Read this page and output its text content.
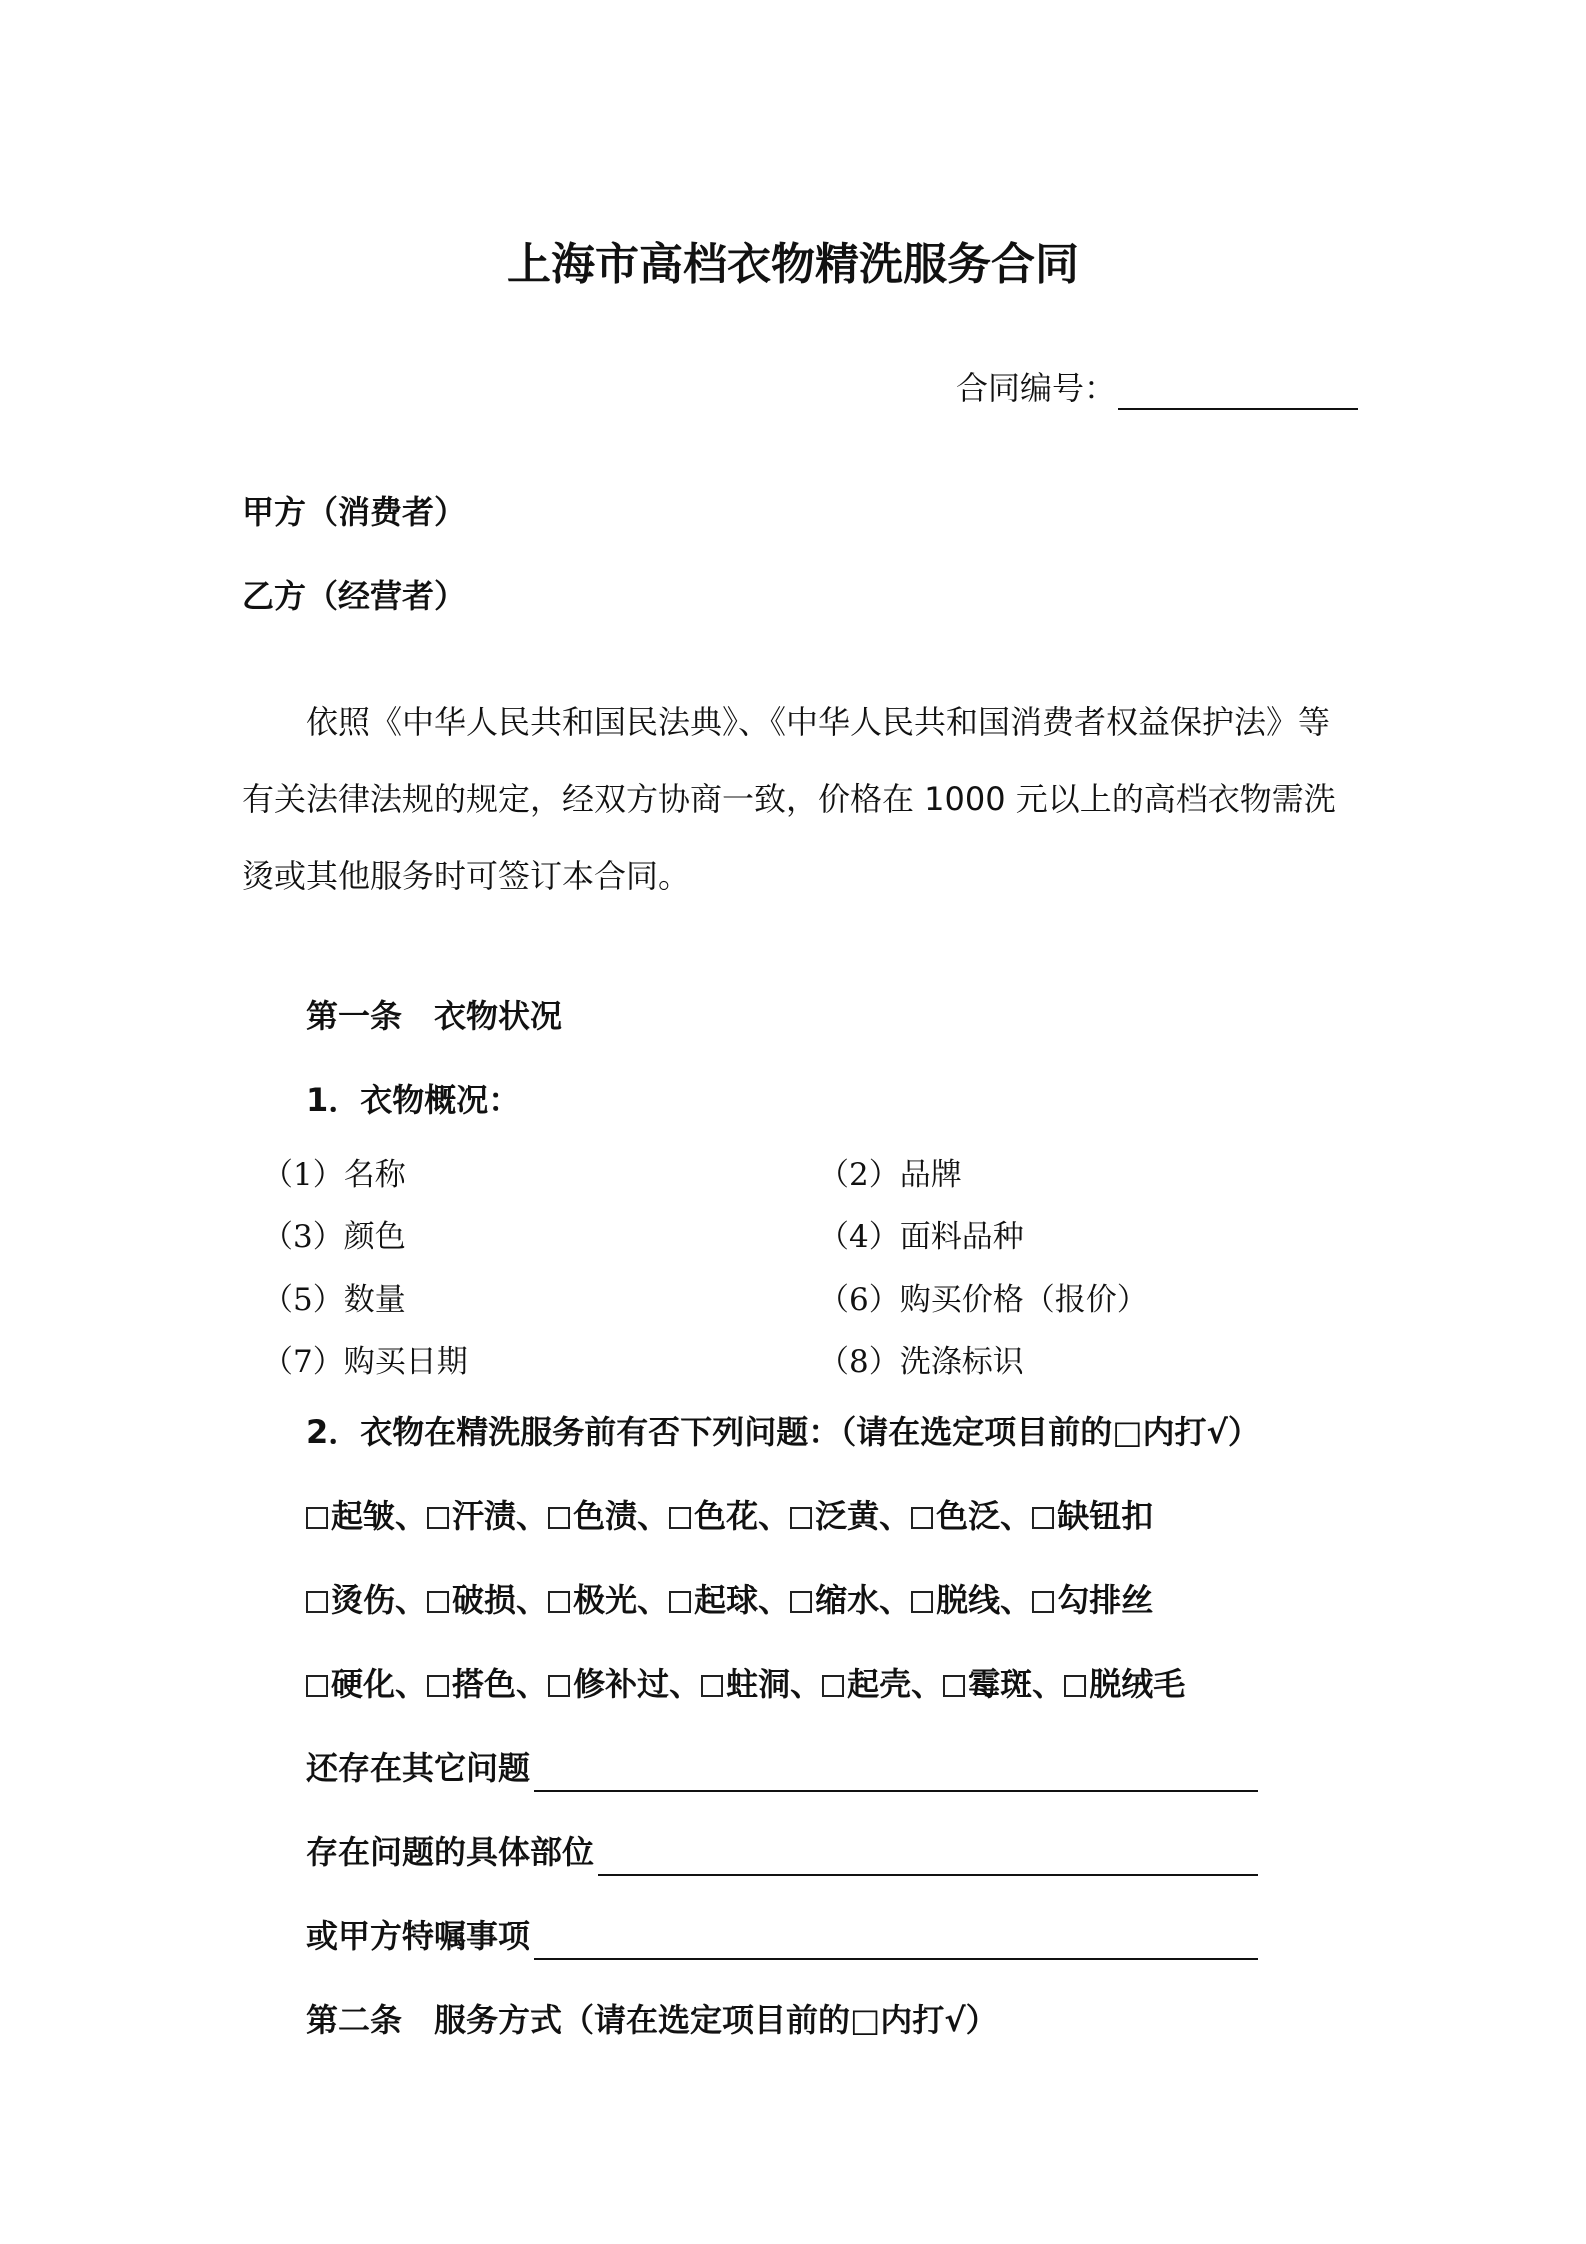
上海市高档衣物精洗服务合同
合同编号：
甲方（消费者）
乙方（经营者）
依照《中华人民共和国民法典》、《中华人民共和国消费者权益保护法》等有关法律法规的规定，经双方协商一致，价格在 1000 元以上的高档衣物需洗烫或其他服务时可签订本合同。
第一条　衣物状况
1．衣物概况：
（1）名称	（2）品牌
（3）颜色	（4）面料品种
（5）数量	（6）购买价格（报价）
（7）购买日期	（8）洗涤标识
2．衣物在精洗服务前有否下列问题：（请在选定项目前的□内打√）
起皱、 汗渍、 色渍、 色花、 泛黄、 色泛、 缺钮扣
烫伤、 破损、 极光、 起球、 缩水、 脱线、 勾排丝
硬化、 搭色、 修补过、 蛀洞、 起壳、 霉斑、 脱绒毛
还存在其它问题
存在问题的具体部位
或甲方特嘱事项
第二条　服务方式（请在选定项目前的□内打√）
